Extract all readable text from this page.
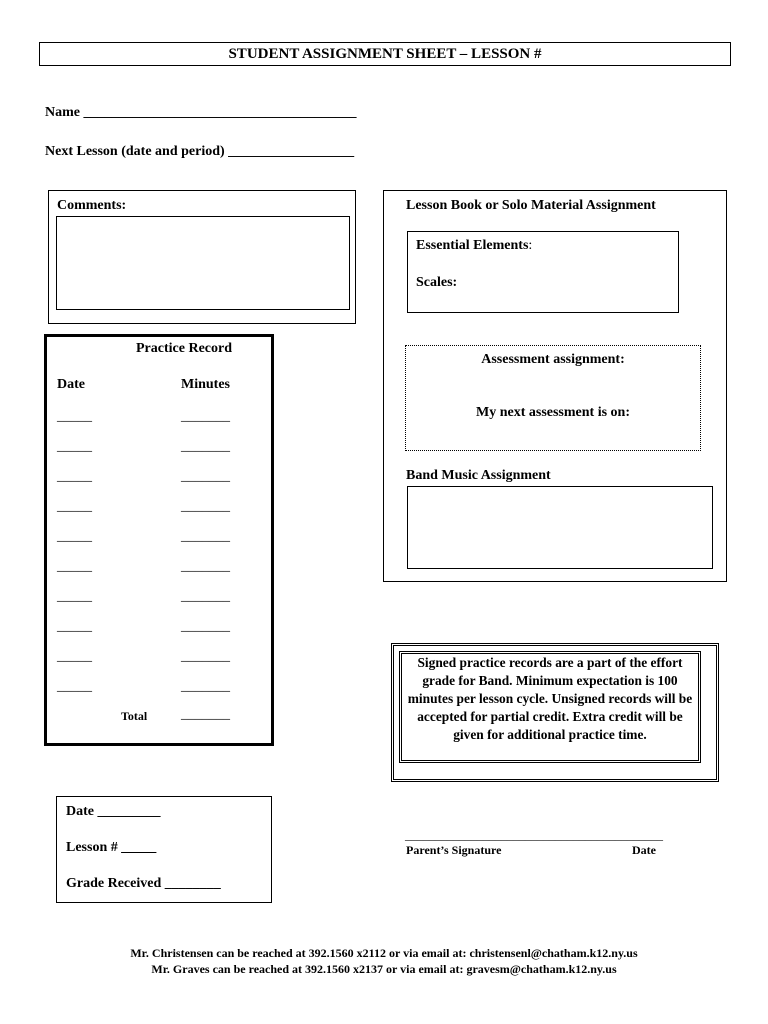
STUDENT ASSIGNMENT SHEET – LESSON #
Name _______________________________________
Next Lesson (date and period) __________________
Comments:	Lesson Book or Solo Material Assignment
Essential Elements:
Scales:
Band Music Assignment
Assessment assignment:
My next assessment is on:
Practice Record
Date	Minutes
_____	_______
_____	_______
_____	_______
_____	_______
_____	_______
_____	_______
_____	_______
_____	_______
_____	_______
_____	_______
Total _______
Signed practice records are a part of the effort grade for Band. Minimum expectation is 100 minutes per lesson cycle. Unsigned records will be accepted for partial credit. Extra credit will be given for additional practice time.
Date _________
Lesson # _____
Grade Received ________
___________________________________________
Parent’s Signature	Date
Mr. Christensen can be reached at 392.1560 x2112 or via email at: christensenl@chatham.k12.ny.us
Mr. Graves can be reached at 392.1560 x2137 or via email at: gravesm@chatham.k12.ny.us
